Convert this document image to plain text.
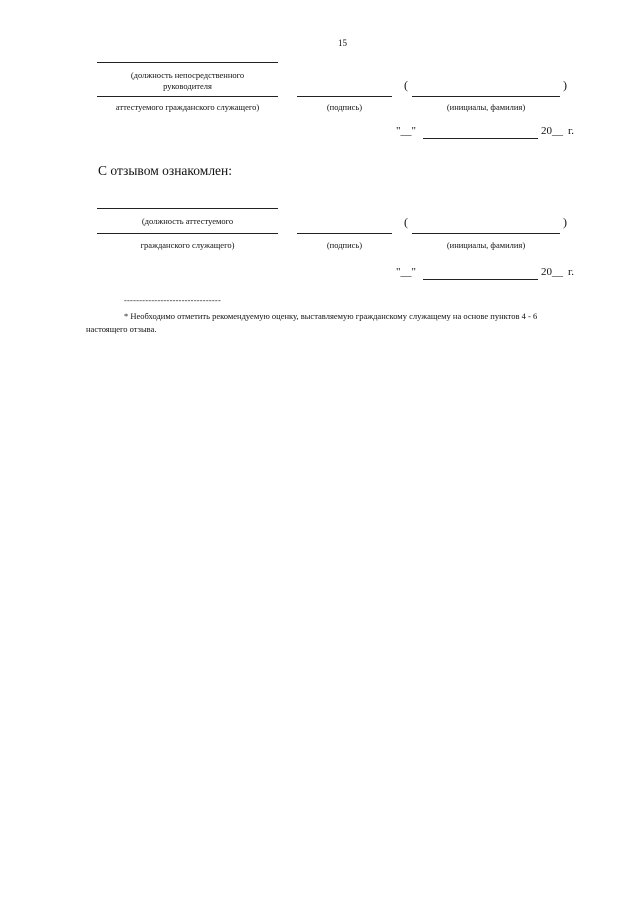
15
(должность непосредственного
руководителя
аттестуемого гражданского служащего)	(подпись)
(	)
(инициалы, фамилия)
"__"	20__ г.
С отзывом ознакомлен:
(должность аттестуемого
гражданского служащего)	(подпись)
(	)
(инициалы, фамилия)
"__"	20__ г.
--------------------------------
* Необходимо отметить рекомендуемую оценку, выставляемую гражданскому служащему на основе пунктов 4 - 6
настоящего отзыва.
